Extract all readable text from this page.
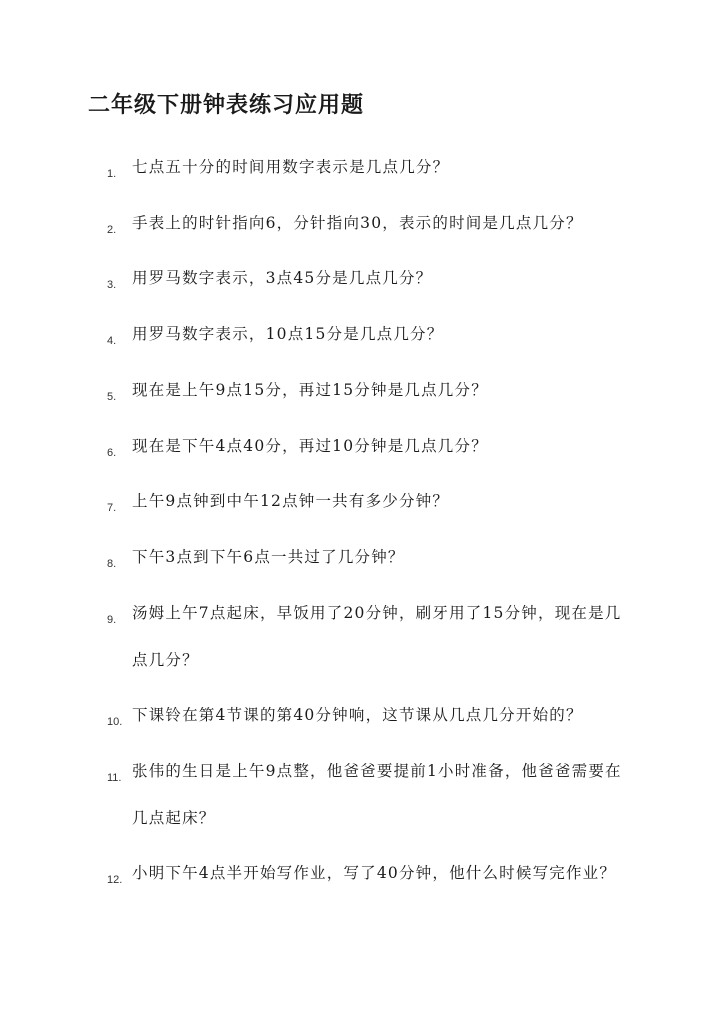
二年级下册钟表练习应用题
1. 七点五十分的时间用数字表示是几点几分？
2. 手表上的时针指向6，分针指向30，表示的时间是几点几分？
3. 用罗马数字表示，3点45分是几点几分？
4. 用罗马数字表示，10点15分是几点几分？
5. 现在是上午9点15分，再过15分钟是几点几分？
6. 现在是下午4点40分，再过10分钟是几点几分？
7. 上午9点钟到中午12点钟一共有多少分钟？
8. 下午3点到下午6点一共过了几分钟？
9. 汤姆上午7点起床，早饭用了20分钟，刷牙用了15分钟，现在是几点几分？
10. 下课铃在第4节课的第40分钟响，这节课从几点几分开始的？
11. 张伟的生日是上午9点整，他爸爸要提前1小时准备，他爸爸需要在几点起床？
12. 小明下午4点半开始写作业，写了40分钟，他什么时候写完作业？
